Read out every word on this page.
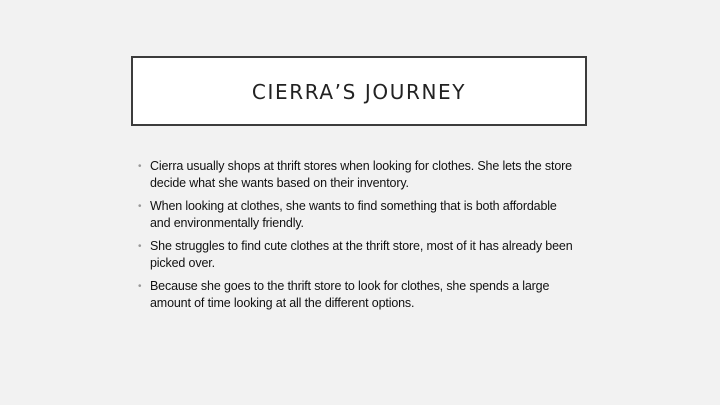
CIERRA’S JOURNEY
• Cierra usually shops at thrift stores when looking for clothes. She lets the store decide what she wants based on their inventory.
• When looking at clothes, she wants to find something that is both affordable and environmentally friendly.
• She struggles to find cute clothes at the thrift store, most of it has already been picked over.
• Because she goes to the thrift store to look for clothes, she spends a large amount of time looking at all the different options.
